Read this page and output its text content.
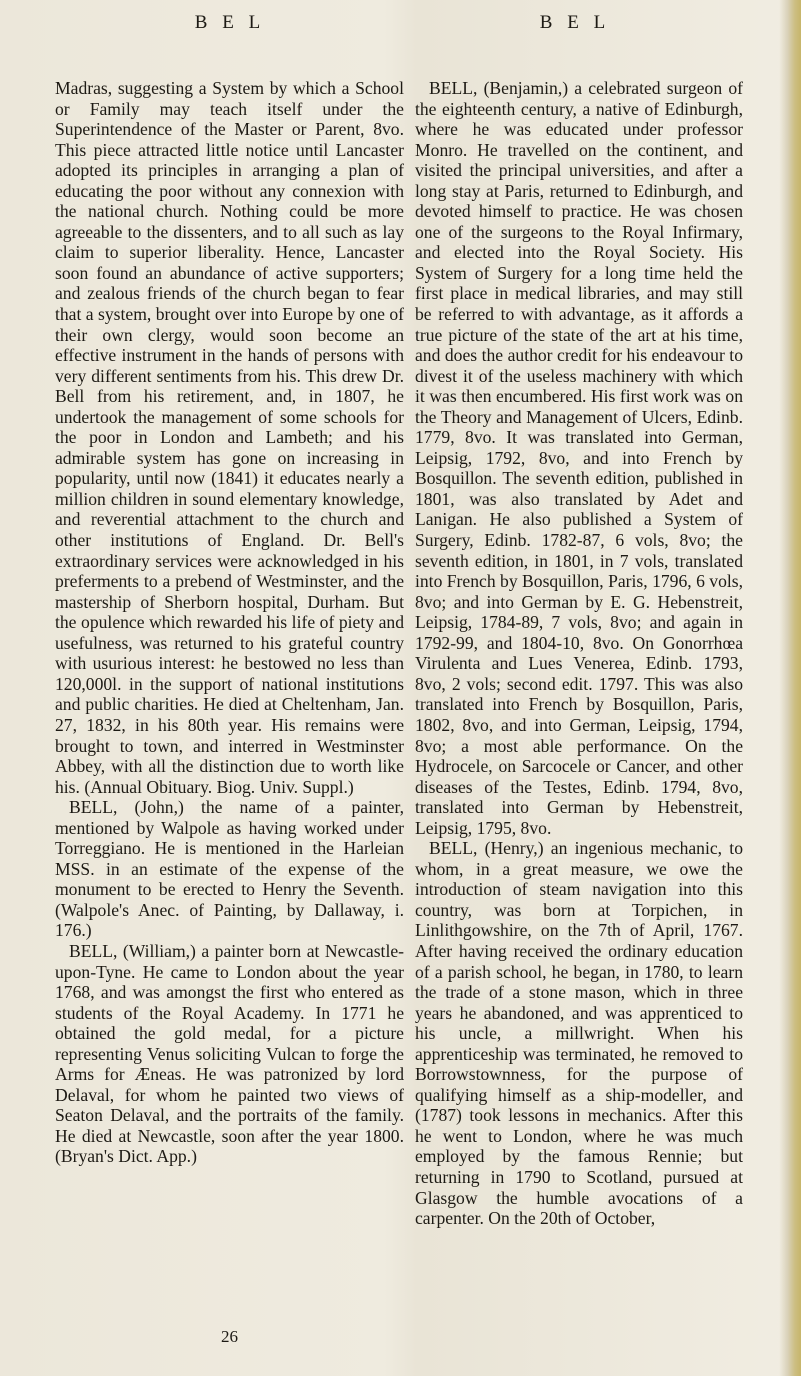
B E L	B E L

Madras, suggesting a System by which a School or Family may teach itself under the Superintendence of the Master or Parent, 8vo. This piece attracted little notice until Lancaster adopted its principles in arranging a plan of educating the poor without any connexion with the national church. Nothing could be more agreeable to the dissenters, and to all such as lay claim to superior liberality. Hence, Lancaster soon found an abundance of active supporters; and zealous friends of the church began to fear that a system, brought over into Europe by one of their own clergy, would soon become an effective instrument in the hands of persons with very different sentiments from his. This drew Dr. Bell from his retirement, and, in 1807, he undertook the management of some schools for the poor in London and Lambeth; and his admirable system has gone on increasing in popularity, until now (1841) it educates nearly a million children in sound elementary knowledge, and reverential attachment to the church and other institutions of England. Dr. Bell's extraordinary services were acknowledged in his preferments to a prebend of Westminster, and the mastership of Sherborn hospital, Durham. But the opulence which rewarded his life of piety and usefulness, was returned to his grateful country with usurious interest: he bestowed no less than 120,000l. in the support of national institutions and public charities. He died at Cheltenham, Jan. 27, 1832, in his 80th year. His remains were brought to town, and interred in Westminster Abbey, with all the distinction due to worth like his. (Annual Obituary. Biog. Univ. Suppl.)

BELL, (John,) the name of a painter, mentioned by Walpole as having worked under Torreggiano. He is mentioned in the Harleian MSS. in an estimate of the expense of the monument to be erected to Henry the Seventh. (Walpole's Anec. of Painting, by Dallaway, i. 176.)

BELL, (William,) a painter born at Newcastle-upon-Tyne. He came to London about the year 1768, and was amongst the first who entered as students of the Royal Academy. In 1771 he obtained the gold medal, for a picture representing Venus soliciting Vulcan to forge the Arms for Æneas. He was patronized by lord Delaval, for whom he painted two views of Seaton Delaval, and the portraits of the family. He died at Newcastle, soon after the year 1800. (Bryan's Dict. App.)

BELL, (Benjamin,) a celebrated surgeon of the eighteenth century, a native of Edinburgh, where he was educated under professor Monro. He travelled on the continent, and visited the principal universities, and after a long stay at Paris, returned to Edinburgh, and devoted himself to practice. He was chosen one of the surgeons to the Royal Infirmary, and elected into the Royal Society. His System of Surgery for a long time held the first place in medical libraries, and may still be referred to with advantage, as it affords a true picture of the state of the art at his time, and does the author credit for his endeavour to divest it of the useless machinery with which it was then encumbered. His first work was on the Theory and Management of Ulcers, Edinb. 1779, 8vo. It was translated into German, Leipsig, 1792, 8vo, and into French by Bosquillon. The seventh edition, published in 1801, was also translated by Adet and Lanigan. He also published a System of Surgery, Edinb. 1782-87, 6 vols, 8vo; the seventh edition, in 1801, in 7 vols, translated into French by Bosquillon, Paris, 1796, 6 vols, 8vo; and into German by E. G. Hebenstreit, Leipsig, 1784-89, 7 vols, 8vo; and again in 1792-99, and 1804-10, 8vo. On Gonorrhœa Virulenta and Lues Venerea, Edinb. 1793, 8vo, 2 vols; second edit. 1797. This was also translated into French by Bosquillon, Paris, 1802, 8vo, and into German, Leipsig, 1794, 8vo; a most able performance. On the Hydrocele, on Sarcocele or Cancer, and other diseases of the Testes, Edinb. 1794, 8vo, translated into German by Hebenstreit, Leipsig, 1795, 8vo.

BELL, (Henry,) an ingenious mechanic, to whom, in a great measure, we owe the introduction of steam navigation into this country, was born at Torpichen, in Linlithgowshire, on the 7th of April, 1767. After having received the ordinary education of a parish school, he began, in 1780, to learn the trade of a stone mason, which in three years he abandoned, and was apprenticed to his uncle, a millwright. When his apprenticeship was terminated, he removed to Borrowstownness, for the purpose of qualifying himself as a ship-modeller, and (1787) took lessons in mechanics. After this he went to London, where he was much employed by the famous Rennie; but returning in 1790 to Scotland, pursued at Glasgow the humble avocations of a carpenter. On the 20th of October,

26
